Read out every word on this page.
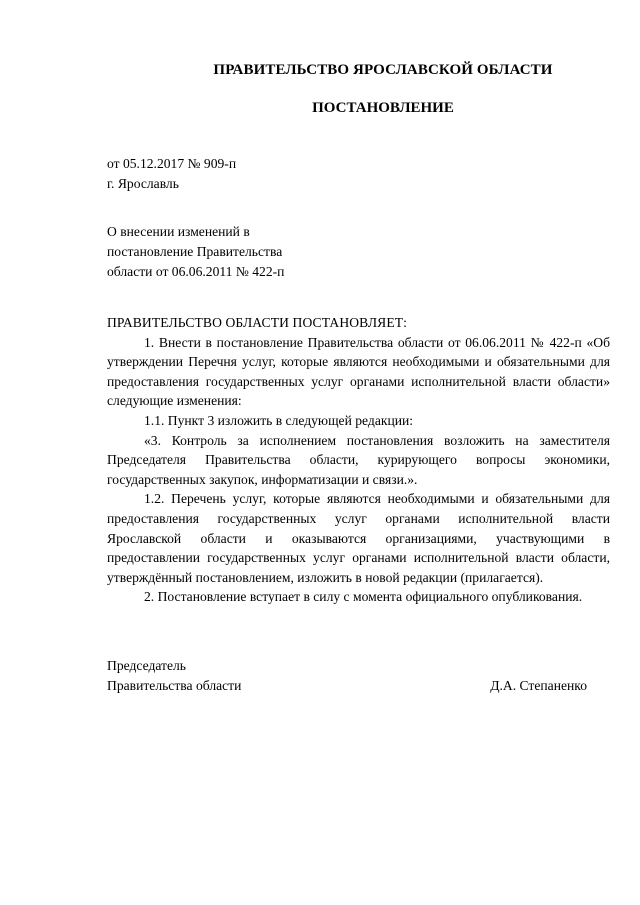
ПРАВИТЕЛЬСТВО ЯРОСЛАВСКОЙ ОБЛАСТИ
ПОСТАНОВЛЕНИЕ
от 05.12.2017 № 909-п
г. Ярославль
О внесении изменений в
постановление Правительства
области от 06.06.2011 № 422-п
ПРАВИТЕЛЬСТВО ОБЛАСТИ ПОСТАНОВЛЯЕТ:

1. Внести в постановление Правительства области от 06.06.2011 № 422-п «Об утверждении Перечня услуг, которые являются необходимыми и обязательными для предоставления государственных услуг органами исполнительной власти области» следующие изменения:

1.1. Пункт 3 изложить в следующей редакции:

«3. Контроль за исполнением постановления возложить на заместителя Председателя Правительства области, курирующего вопросы экономики, государственных закупок, информатизации и связи.».

1.2. Перечень услуг, которые являются необходимыми и обязательными для предоставления государственных услуг органами исполнительной власти Ярославской области и оказываются организациями, участвующими в предоставлении государственных услуг органами исполнительной власти области, утверждённый постановлением, изложить в новой редакции (прилагается).

2. Постановление вступает в силу с момента официального опубликования.

Председатель
Правительства области	Д.А. Степаненко
